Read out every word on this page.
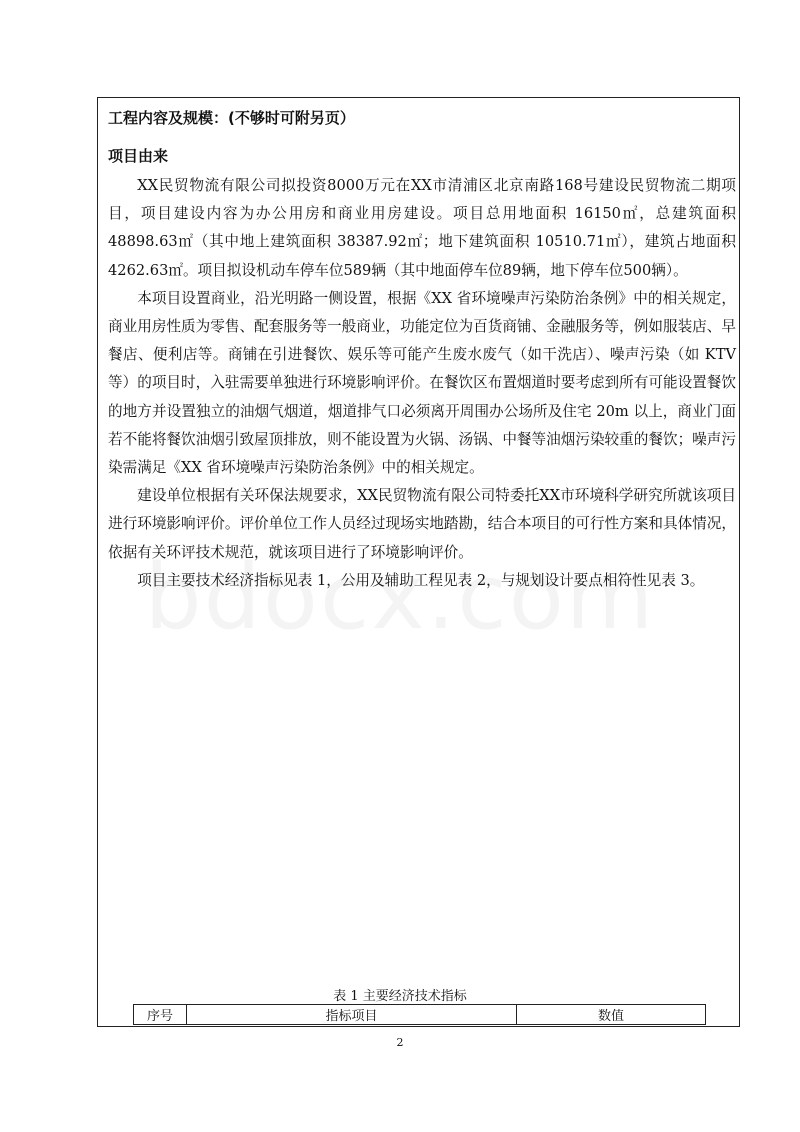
工程内容及规模：(不够时可附另页）
项目由来

XX民贸物流有限公司拟投资8000万元在XX市清浦区北京南路168号建设民贸物流二期项目，项目建设内容为办公用房和商业用房建设。项目总用地面积 16150㎡，总建筑面积 48898.63㎡（其中地上建筑面积 38387.92㎡；地下建筑面积 10510.71㎡），建筑占地面积 4262.63㎡。项目拟设机动车停车位589辆（其中地面停车位89辆，地下停车位500辆）。

本项目设置商业，沿光明路一侧设置，根据《XX 省环境噪声污染防治条例》中的相关规定，商业用房性质为零售、配套服务等一般商业，功能定位为百货商铺、金融服务等，例如服装店、早餐店、便利店等。商铺在引进餐饮、娱乐等可能产生废水废气（如干洗店）、噪声污染（如 KTV 等）的项目时，入驻需要单独进行环境影响评价。在餐饮区布置烟道时要考虑到所有可能设置餐饮的地方并设置独立的油烟气烟道，烟道排气口必须离开周围办公场所及住宅 20m 以上，商业门面若不能将餐饮油烟引致屋顶排放，则不能设置为火锅、汤锅、中餐等油烟污染较重的餐饮；噪声污染需满足《XX 省环境噪声污染防治条例》中的相关规定。

建设单位根据有关环保法规要求，XX民贸物流有限公司特委托XX市环境科学研究所就该项目进行环境影响评价。评价单位工作人员经过现场实地踏勘，结合本项目的可行性方案和具体情况，依据有关环评技术规范，就该项目进行了环境影响评价。

项目主要技术经济指标见表 1，公用及辅助工程见表 2，与规划设计要点相符性见表 3。

表 1 主要经济技术指标
序号	指标项目	数值
2
